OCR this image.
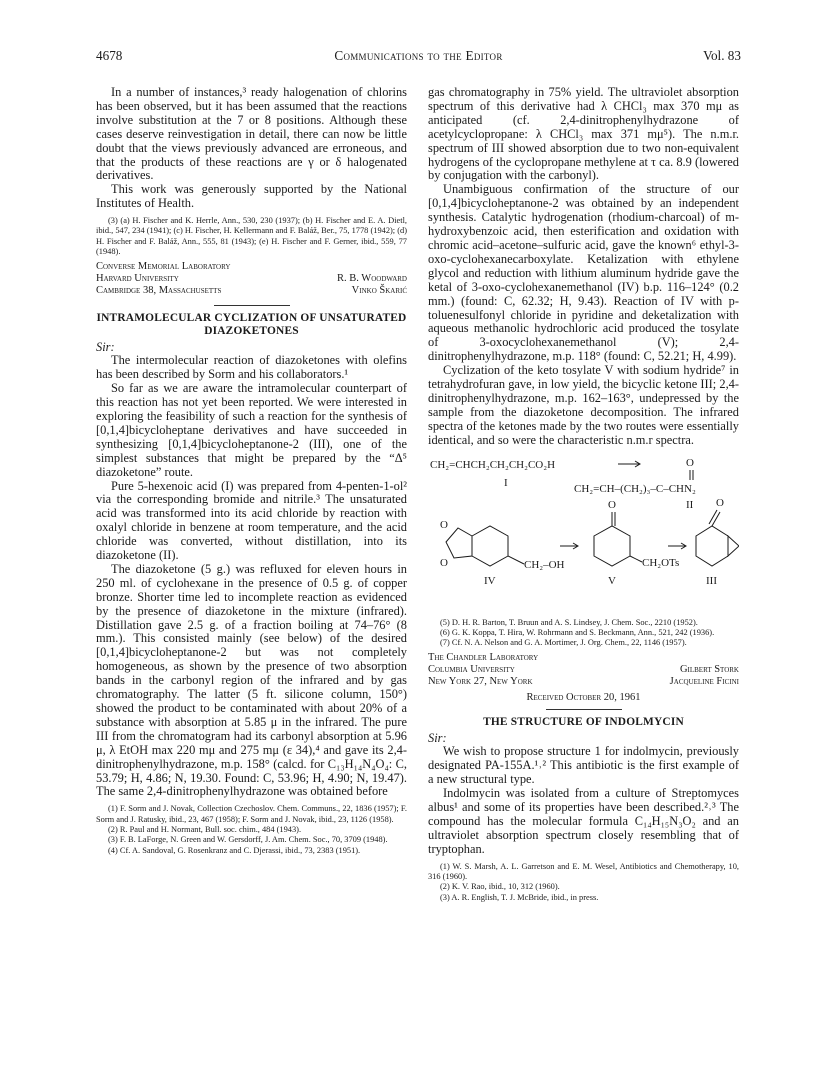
4678	Communications to the Editor	Vol. 83

In a number of instances,³ ready halogenation of chlorins has been observed, but it has been assumed that the reactions involve substitution at the 7 or 8 positions. Although these cases deserve reinvestigation in detail, there can now be little doubt that the views previously advanced are erroneous, and that the products of these reactions are γ or δ halogenated derivatives.

This work was generously supported by the National Institutes of Health.

(3) (a) H. Fischer and K. Herrle, Ann., 530, 230 (1937); (b) H. Fischer and E. A. Dietl, ibid., 547, 234 (1941); (c) H. Fischer, H. Kellermann and F. Baláž, Ber., 75, 1778 (1942); (d) H. Fischer and F. Baláž, Ann., 555, 81 (1943); (e) H. Fischer and F. Gerner, ibid., 559, 77 (1948).

Converse Memorial Laboratory
Harvard University
Cambridge 38, Massachusetts
R. B. Woodward
Vinko Škarić
INTRAMOLECULAR CYCLIZATION OF UNSATURATED DIAZOKETONES
Sir:

The intermolecular reaction of diazoketones with olefins has been described by Sorm and his collaborators.¹

So far as we are aware the intramolecular counterpart of this reaction has not yet been reported. We were interested in exploring the feasibility of such a reaction for the synthesis of [0,1,4]bicycloheptane derivatives and have succeeded in synthesizing [0,1,4]bicycloheptanone-2 (III), one of the simplest substances that might be prepared by the “Δ⁵ diazoketone” route.

Pure 5-hexenoic acid (I) was prepared from 4-penten-1-ol² via the corresponding bromide and nitrile.³ The unsaturated acid was transformed into its acid chloride by reaction with oxalyl chloride in benzene at room temperature, and the acid chloride was converted, without distillation, into its diazoketone (II).

The diazoketone (5 g.) was refluxed for eleven hours in 250 ml. of cyclohexane in the presence of 0.5 g. of copper bronze. Shorter time led to incomplete reaction as evidenced by the presence of diazoketone in the mixture (infrared). Distillation gave 2.5 g. of a fraction boiling at 74–76° (8 mm.). This consisted mainly (see below) of the desired [0,1,4]bicycloheptanone-2 but was not completely homogeneous, as shown by the presence of two absorption bands in the carbonyl region of the infrared and by gas chromatography. The latter (5 ft. silicone column, 150°) showed the product to be contaminated with about 20% of a substance with absorption at 5.85 μ in the infrared. The pure III from the chromatogram had its carbonyl absorption at 5.96 μ, λ EtOH max 220 mμ and 275 mμ (ε 34),⁴ and gave its 2,4-dinitrophenylhydrazone, m.p. 158° (calcd. for C₁₃H₁₄N₄O₄: C, 53.79; H, 4.86; N, 19.30. Found: C, 53.96; H, 4.90; N, 19.47). The same 2,4-dinitrophenylhydrazone was obtained before

(1) F. Sorm and J. Novak, Collection Czechoslov. Chem. Communs., 22, 1836 (1957); F. Sorm and J. Ratusky, ibid., 23, 467 (1958); F. Sorm and J. Novak, ibid., 23, 1126 (1958).

(2) R. Paul and H. Normant, Bull. soc. chim., 484 (1943).

(3) F. B. LaForge, N. Green and W. Gersdorff, J. Am. Chem. Soc., 70, 3709 (1948).

(4) Cf. A. Sandoval, G. Rosenkranz and C. Djerassi, ibid., 73, 2383 (1951).

gas chromatography in 75% yield. The ultraviolet absorption spectrum of this derivative had λ CHCl₃ max 370 mμ as anticipated (cf. 2,4-dinitrophenylhydrazone of acetylcyclopropane: λ CHCl₃ max 371 mμ⁵). The n.m.r. spectrum of III showed absorption due to two non-equivalent hydrogens of the cyclopropane methylene at τ ca. 8.9 (lowered by conjugation with the carbonyl).

Unambiguous confirmation of the structure of our [0,1,4]bicycloheptanone-2 was obtained by an independent synthesis. Catalytic hydrogenation (rhodium-charcoal) of m-hydroxybenzoic acid, then esterification and oxidation with chromic acid–acetone–sulfuric acid, gave the known⁶ ethyl-3-oxo-cyclohexanecarboxylate. Ketalization with ethylene glycol and reduction with lithium aluminum hydride gave the ketal of 3-oxo-cyclohexanemethanol (IV) b.p. 116–124° (0.2 mm.) (found: C, 62.32; H, 9.43). Reaction of IV with p-toluenesulfonyl chloride in pyridine and deketalization with aqueous methanolic hydrochloric acid produced the tosylate of 3-oxocyclohexanemethanol (V); 2,4-dinitrophenylhydrazone, m.p. 118° (found: C, 52.21; H, 4.99).

Cyclization of the keto tosylate V with sodium hydride⁷ in tetrahydrofuran gave, in low yield, the bicyclic ketone III; 2,4-dinitrophenylhydrazone, m.p. 162–163°, undepressed by the sample from the diazoketone decomposition. The infrared spectra of the ketones made by the two routes were essentially identical, and so were the characteristic n.m.r spectra.

CH₂=CHCH₂CH₂CH₂CO₂H
I
O
CH₂=CH–(CH₂)₃–C–CHN₂
II
O
O	CH₂–OH
O
CH₂OTs
O
IV	V	III

(5) D. H. R. Barton, T. Bruun and A. S. Lindsey, J. Chem. Soc., 2210 (1952).

(6) G. K. Koppa, T. Hira, W. Rohrmann and S. Beckmann, Ann., 521, 242 (1936).

(7) Cf. N. A. Nelson and G. A. Mortimer, J. Org. Chem., 22, 1146 (1957).

The Chandler Laboratory
Columbia University
New York 27, New York
Gilbert Stork
Jacqueline Ficini
Received October 20, 1961
THE STRUCTURE OF INDOLMYCIN
Sir:

We wish to propose structure 1 for indolmycin, previously designated PA-155A.¹˒² This antibiotic is the first example of a new structural type.

Indolmycin was isolated from a culture of Streptomyces albus¹ and some of its properties have been described.²˒³ The compound has the molecular formula C₁₄H₁₅N₃O₂ and an ultraviolet absorption spectrum closely resembling that of tryptophan.

(1) W. S. Marsh, A. L. Garretson and E. M. Wesel, Antibiotics and Chemotherapy, 10, 316 (1960).

(2) K. V. Rao, ibid., 10, 312 (1960).

(3) A. R. English, T. J. McBride, ibid., in press.
